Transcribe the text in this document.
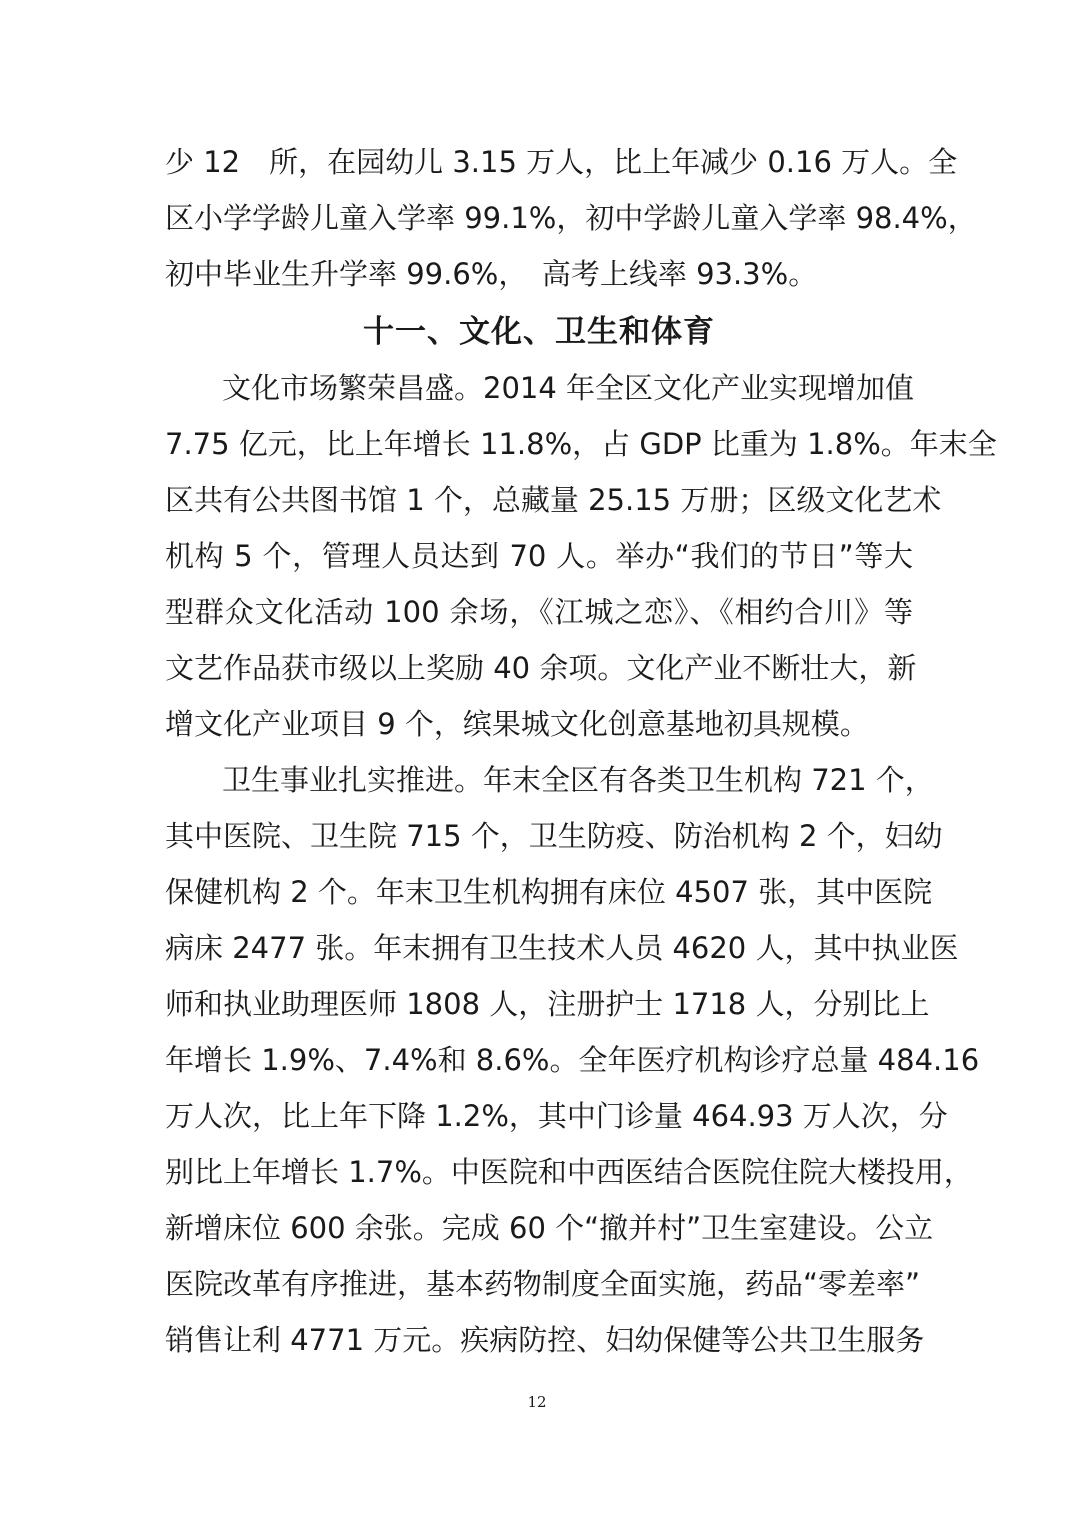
少 12　所，在园幼儿 3.15 万人，比上年减少 0.16 万人。全
区小学学龄儿童入学率 99.1%，初中学龄儿童入学率 98.4%，
初中毕业生升学率 99.6%，　高考上线率 93.3%。
十一、文化、卫生和体育
文化市场繁荣昌盛。2014 年全区文化产业实现增加值
7.75 亿元，比上年增长 11.8%，占 GDP 比重为 1.8%。年末全
区共有公共图书馆 1 个，总藏量 25.15 万册；区级文化艺术
机构 5 个，管理人员达到 70 人。举办“我们的节日”等大
型群众文化活动 100 余场，《江城之恋》、《相约合川》等
文艺作品获市级以上奖励 40 余项。文化产业不断壮大，新
增文化产业项目 9 个，缤果城文化创意基地初具规模。
卫生事业扎实推进。年末全区有各类卫生机构 721 个，
其中医院、卫生院 715 个，卫生防疫、防治机构 2 个，妇幼
保健机构 2 个。年末卫生机构拥有床位 4507 张，其中医院
病床 2477 张。年末拥有卫生技术人员 4620 人，其中执业医
师和执业助理医师 1808 人，注册护士 1718 人，分别比上
年增长 1.9%、7.4%和 8.6%。全年医疗机构诊疗总量 484.16
万人次，比上年下降 1.2%，其中门诊量 464.93 万人次，分
别比上年增长 1.7%。中医院和中西医结合医院住院大楼投用，
新增床位 600 余张。完成 60 个“撤并村”卫生室建设。公立
医院改革有序推进，基本药物制度全面实施，药品“零差率”
销售让利 4771 万元。疾病防控、妇幼保健等公共卫生服务
12
